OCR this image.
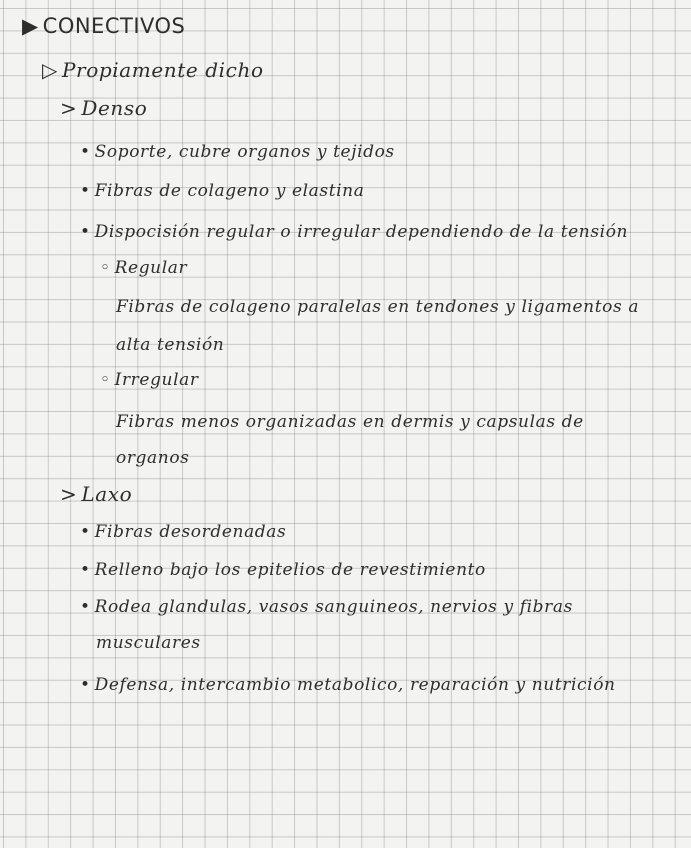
▶ CONECTIVOS
▷ Propiamente dicho
> Denso
• Soporte, cubre organos y tejidos
• Fibras de colageno y elastina
• Dispocisión regular o irregular dependiendo de la tensión
◦ Regular
Fibras de colageno paralelas en tendones y ligamentos a
alta tensión
◦ Irregular
Fibras menos organizadas en dermis y capsulas de
organos
> Laxo
• Fibras desordenadas
• Relleno bajo los epitelios de revestimiento
• Rodea glandulas, vasos sanguineos, nervios y fibras
musculares
• Defensa, intercambio metabolico, reparación y nutrición
